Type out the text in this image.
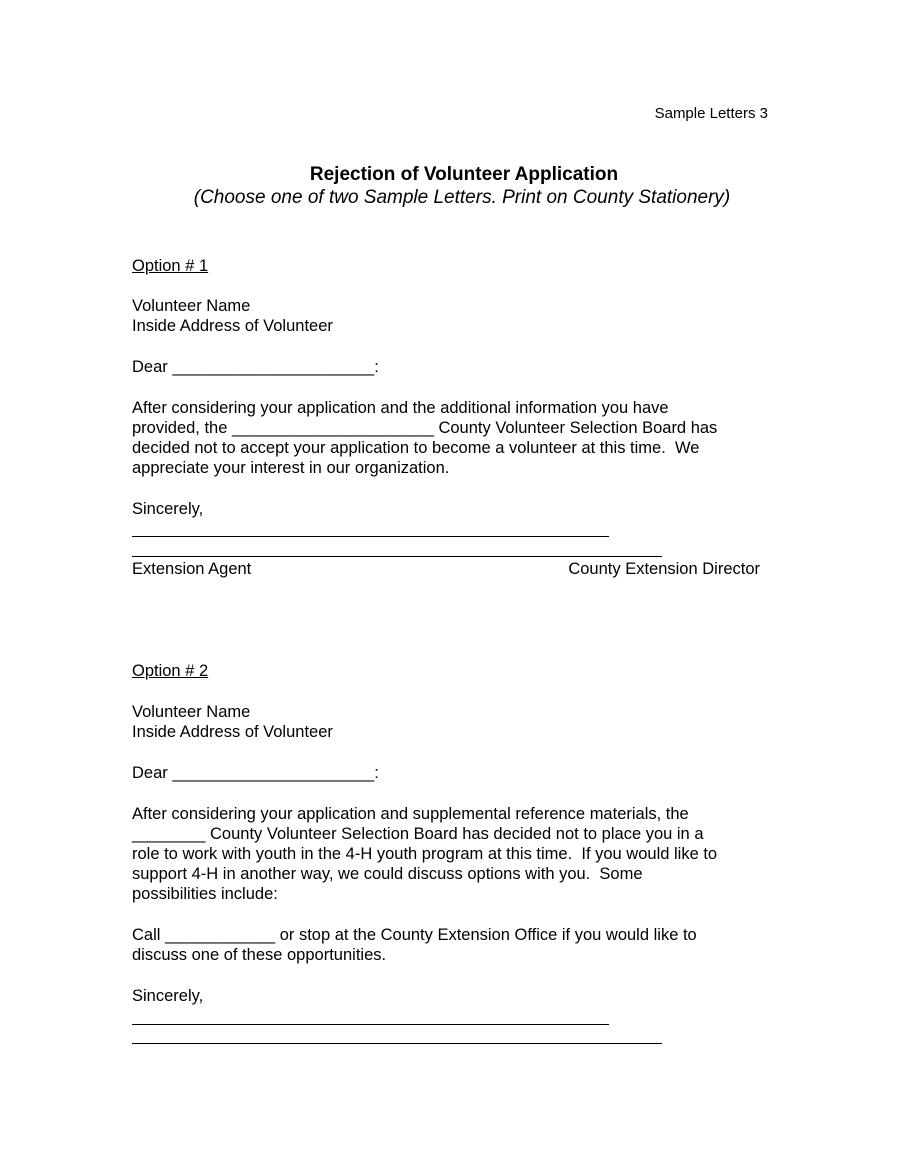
Sample Letters 3
Rejection of Volunteer Application
(Choose one of two Sample Letters. Print on County Stationery)
Option # 1
Volunteer Name
Inside Address of Volunteer
Dear ______________________:
After considering your application and the additional information you have
provided, the ______________________ County Volunteer Selection Board has
decided not to accept your application to become a volunteer at this time.  We
appreciate your interest in our organization.
Sincerely,
Extension Agent	County Extension Director
Option # 2
Volunteer Name
Inside Address of Volunteer
Dear ______________________:
After considering your application and supplemental reference materials, the
________ County Volunteer Selection Board has decided not to place you in a
role to work with youth in the 4-H youth program at this time.  If you would like to
support 4-H in another way, we could discuss options with you.  Some
possibilities include:
Call ____________ or stop at the County Extension Office if you would like to
discuss one of these opportunities.
Sincerely,
